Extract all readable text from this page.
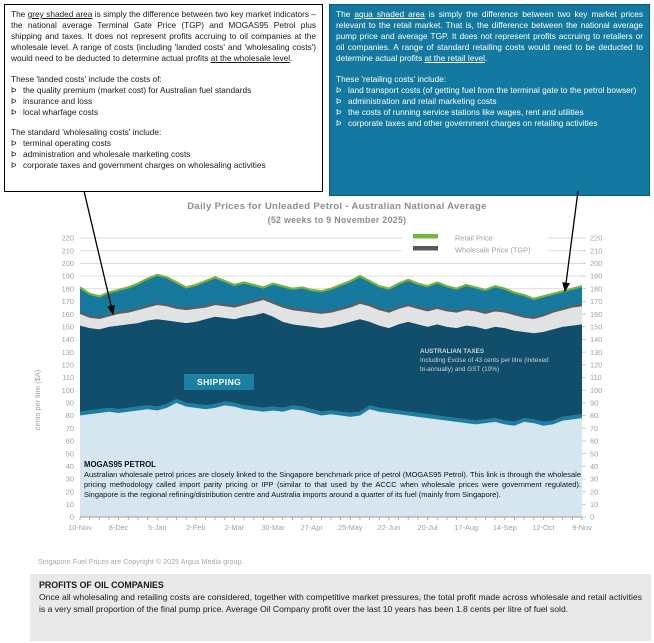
The grey shaded area is simply the difference between two key market indicators – the national average Terminal Gate Price (TGP) and MOGAS95 Petrol plus shipping and taxes. It does not represent profits accruing to oil companies at the wholesale level. A range of costs (including 'landed costs' and 'wholesaling costs') would need to be deducted to determine actual profits at the wholesale level.

These 'landed costs' include the costs of:

Þ the quality premium (market cost) for Australian fuel standards
Þ insurance and loss
Þ local wharfage costs

The standard 'wholesaling costs' include:

Þ terminal operating costs
Þ administration and wholesale marketing costs
Þ corporate taxes and government charges on wholesaling activities

The aqua shaded area is simply the difference between two key market prices relevant to the retail market. That is, the difference between the national average pump price and average TGP. It does not represent profits accruing to retailers or oil companies. A range of standard retailing costs would need to be deducted to determine actual profits at the retail level.

These 'retailing costs' include:

Þ land transport costs (of getting fuel from the terminal gate to the petrol bowser)
Þ administration and retail marketing costs
Þ the costs of running service stations like wages, rent and utilities
Þ corporate taxes and other government charges on retailing activities
Daily Prices for Unleaded Petrol - Australian National Average
(52 weeks to 9 November 2025)
0	0
10	10
20	20
30	30
40	40
50	50
60	60
70	70
80	80
90	90
100	100
110	110
120	120
130	130
140	140
150	150
160	160
170	170
180	180
190	190
200	200
210	210
220	220
10-Nov 8-Dec	5-Jan	2-Feb	2-Mar 30-Mar 27-Apr 25-May 22-Jun 20-Jul 17-Aug 14-Sep 12-Oct 9-Nov
Retail Price
Wholesale Price (TGP)
cents per litre ($A)	SHIPPING
AUSTRALIAN TAXES
Including Excise of 43 cents per litre (indexed bi-annually) and GST (10%)
MOGAS95 PETROL
Australian wholesale petrol prices are closely linked to the Singapore benchmark price of petrol (MOGAS95 Petrol). This link is through the wholesale pricing methodology called import parity pricing or IPP (similar to that used by the ACCC when wholesale prices were government regulated). Singapore is the regional refining/distribution centre and Australia imports around a quarter of its fuel (mainly from Singapore).
Singapore Fuel Prices are Copyright © 2025 Argus Media group.
PROFITS OF OIL COMPANIES
Once all wholesaling and retailing costs are considered, together with competitive market pressures, the total profit made across wholesale and retail activities is a very small proportion of the final pump price. Average Oil Company profit over the last 10 years has been 1.8 cents per litre of fuel sold.
